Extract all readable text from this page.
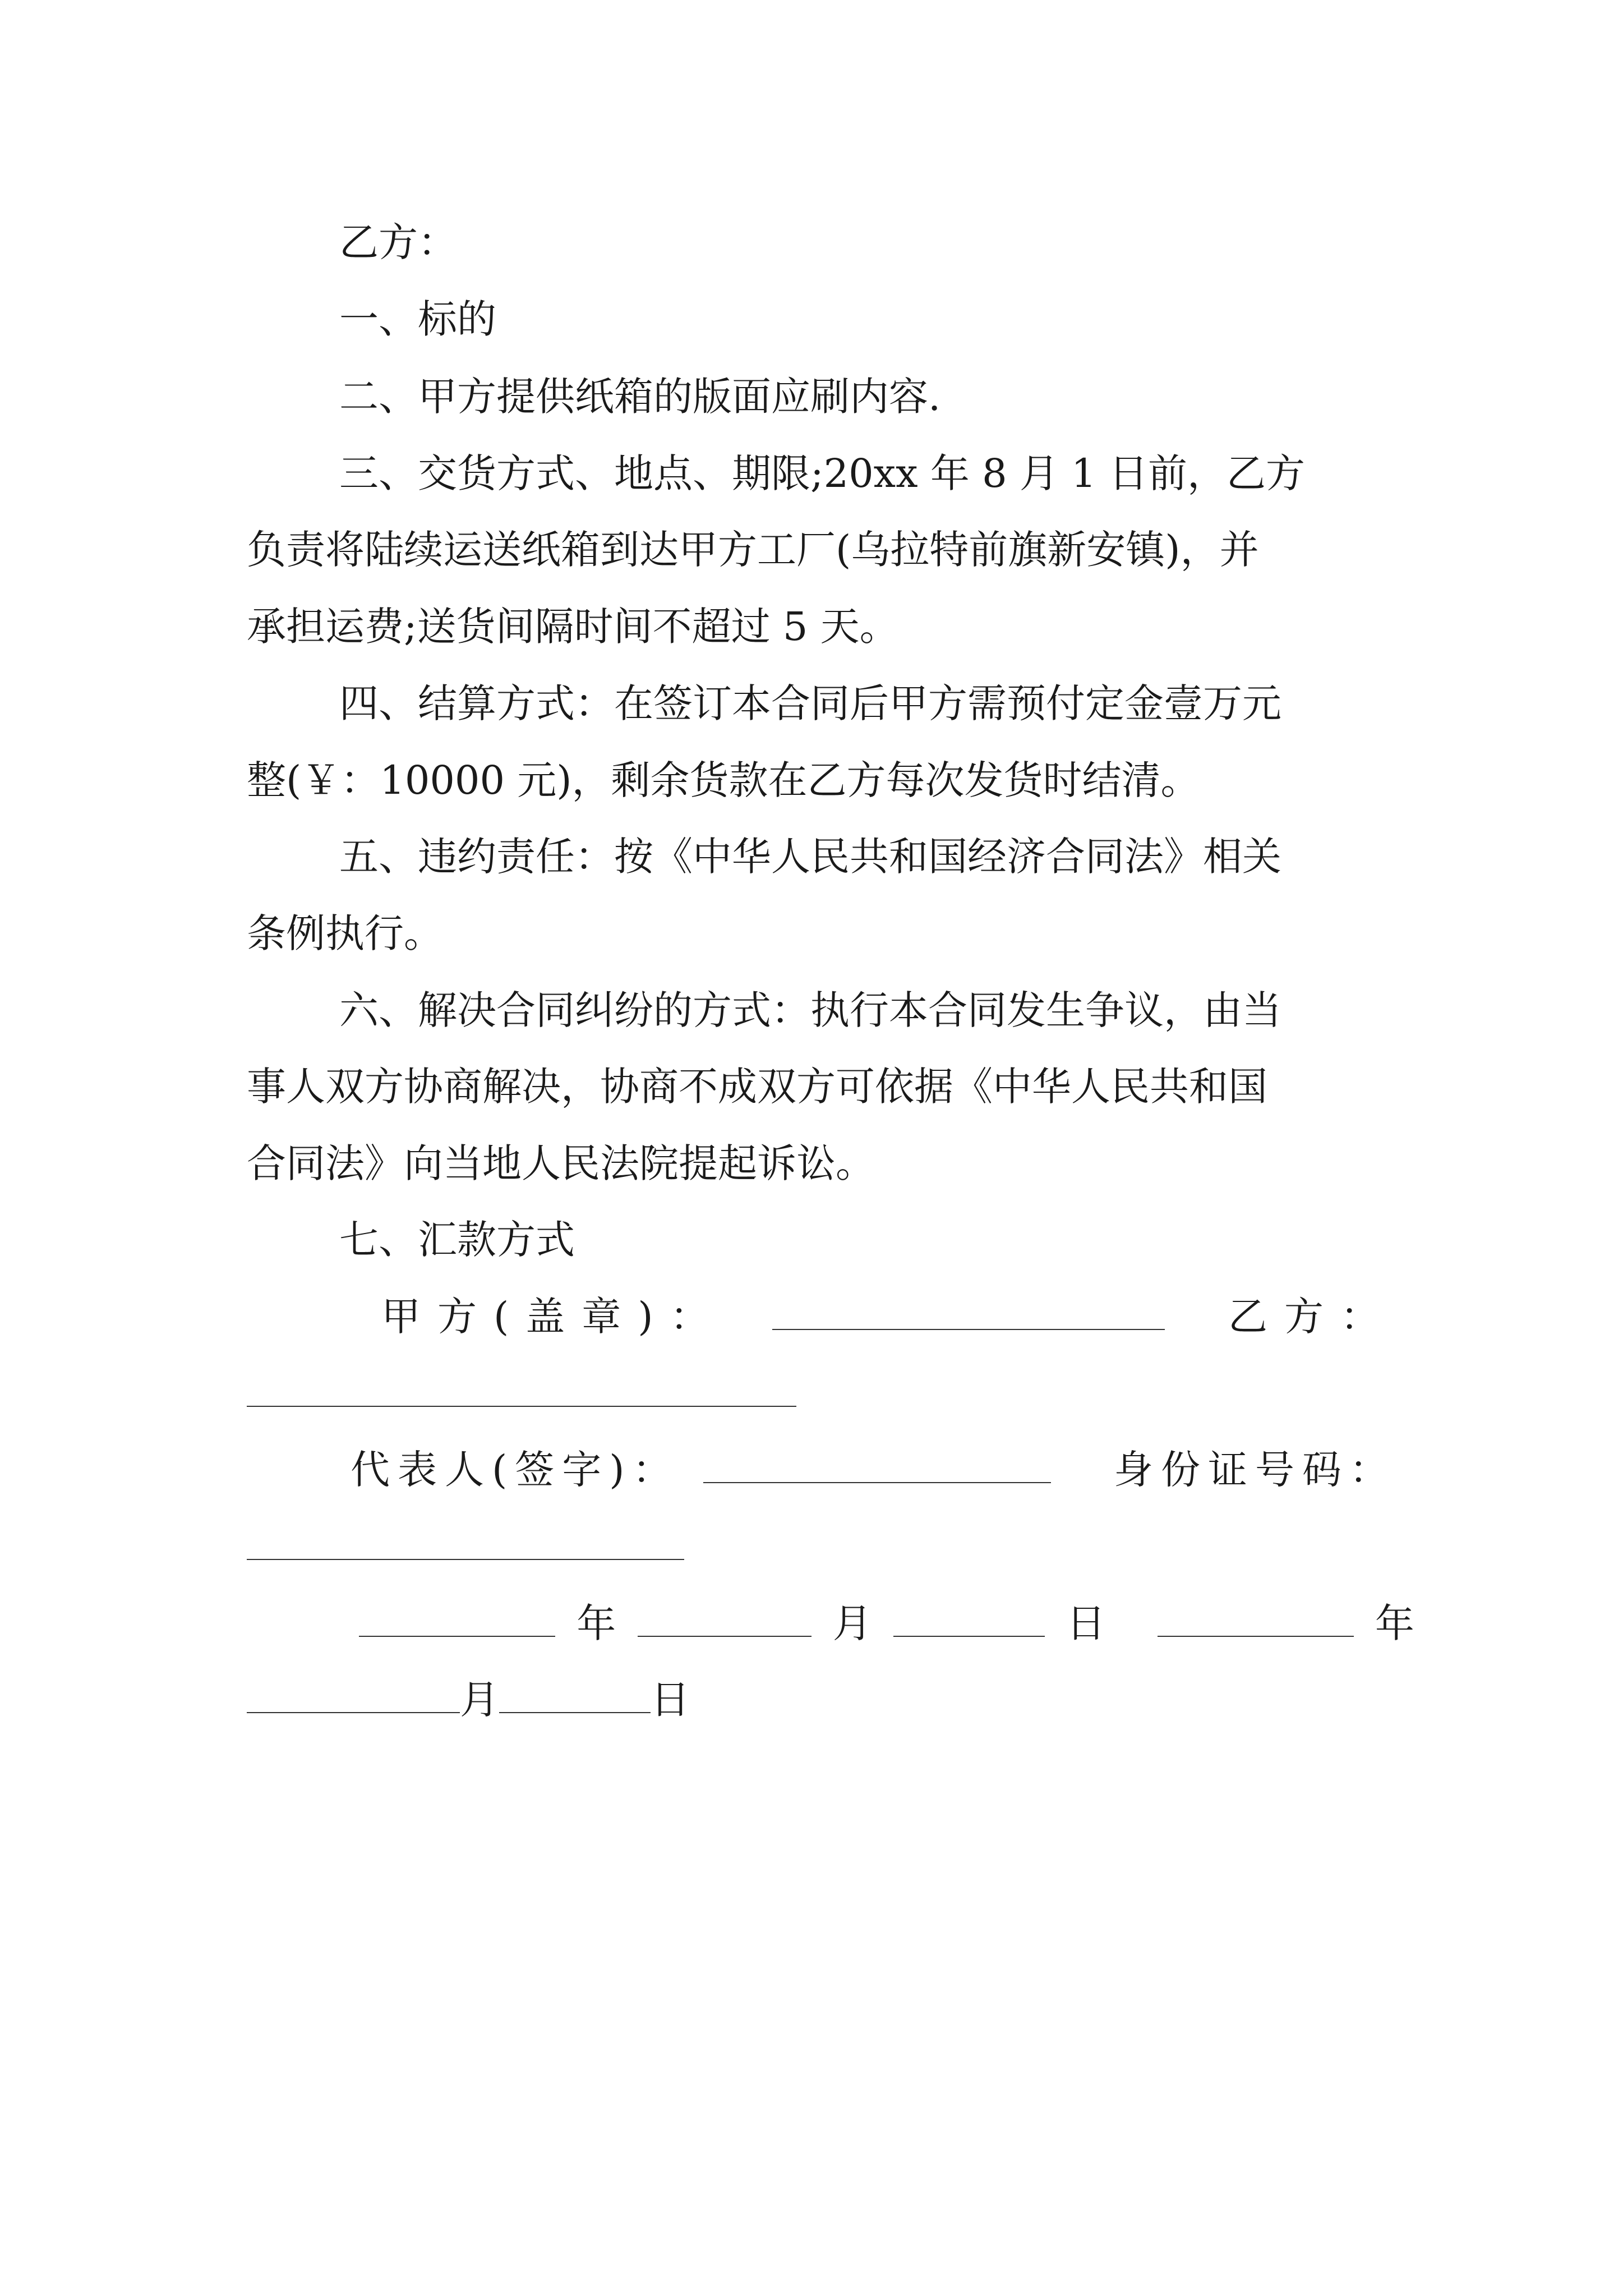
乙方：
一、标的
二、甲方提供纸箱的版面应刷内容.
三、交货方式、地点、期限;20xx 年 8 月 1 日前，乙方
负责将陆续运送纸箱到达甲方工厂(乌拉特前旗新安镇)，并
承担运费;送货间隔时间不超过 5 天。
四、结算方式：在签订本合同后甲方需预付定金壹万元
整(￥：10000 元)，剩余货款在乙方每次发货时结清。
五、违约责任：按《中华人民共和国经济合同法》相关
条例执行。
六、解决合同纠纷的方式：执行本合同发生争议，由当
事人双方协商解决，协商不成双方可依据《中华人民共和国
合同法》向当地人民法院提起诉讼。
七、汇款方式
甲方(盖章)：	乙方：
代表人(签字)：	身份证号码：
年	月	日	年
月	日
